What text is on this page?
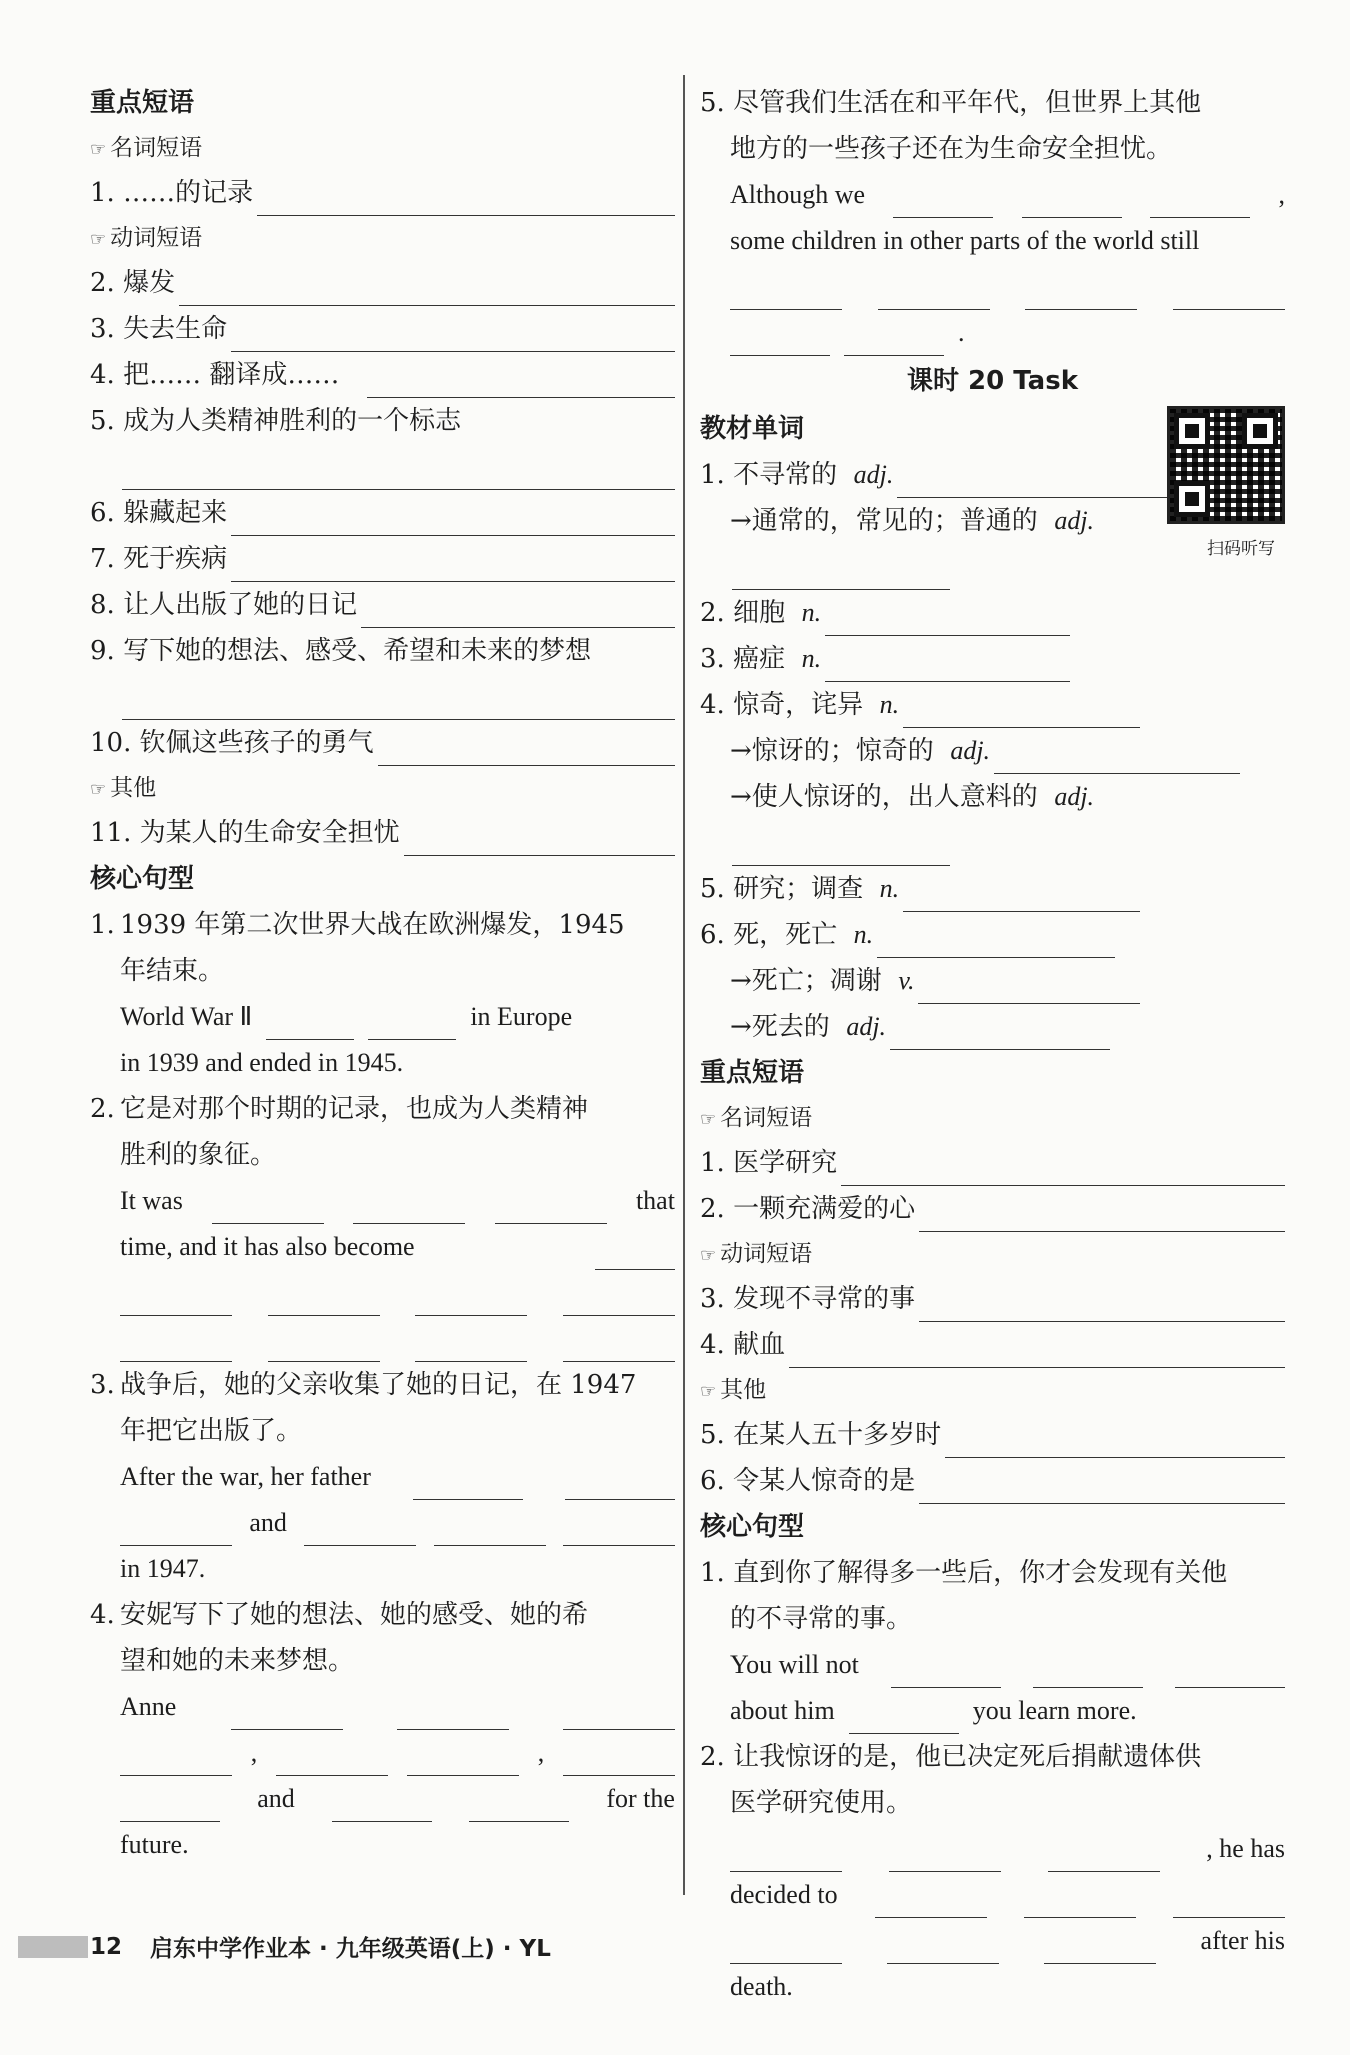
重点短语
☞ 名词短语
1. ……的记录
☞ 动词短语
2. 爆发
3. 失去生命
4. 把…… 翻译成……
5. 成为人类精神胜利的一个标志
6. 躲藏起来
7. 死于疾病
8. 让人出版了她的日记
9. 写下她的想法、感受、希望和未来的梦想
10. 钦佩这些孩子的勇气
☞ 其他
11. 为某人的生命安全担忧
核心句型
1. 1939 年第二次世界大战在欧洲爆发，1945
年结束。
World War Ⅱ	in Europe
in 1939 and ended in 1945.
2. 它是对那个时期的记录，也成为人类精神
胜利的象征。
It was	that
time, and it has also become
3. 战争后，她的父亲收集了她的日记，在 1947
年把它出版了。
After the war, her father
and
in 1947.
4. 安妮写下了她的想法、她的感受、她的希
望和她的未来梦想。
Anne
,	,
and	for the
future.
5. 尽管我们生活在和平年代，但世界上其他
地方的一些孩子还在为生命安全担忧。
Although we	,
some children in other parts of the world still
.
课时 20 Task
扫码听写
教材单词
1. 不寻常的
adj.
→通常的，常见的；普通的
adj.
2. 细胞
n.
3. 癌症
n.
4. 惊奇，诧异
n.
→惊讶的；惊奇的
adj.
→使人惊讶的，出人意料的
adj.
5. 研究；调查
n.
6. 死，死亡
n.
→死亡；凋谢
v.
→死去的
adj.
重点短语
☞ 名词短语
1. 医学研究
2. 一颗充满爱的心
☞ 动词短语
3. 发现不寻常的事
4. 献血
☞ 其他
5. 在某人五十多岁时
6. 令某人惊奇的是
核心句型
1. 直到你了解得多一些后，你才会发现有关他
的不寻常的事。
You will not
about him	you learn more.
2. 让我惊讶的是，他已决定死后捐献遗体供
医学研究使用。
, he has
decided to
after his
death.
12 启东中学作业本 · 九年级英语(上) · YL
